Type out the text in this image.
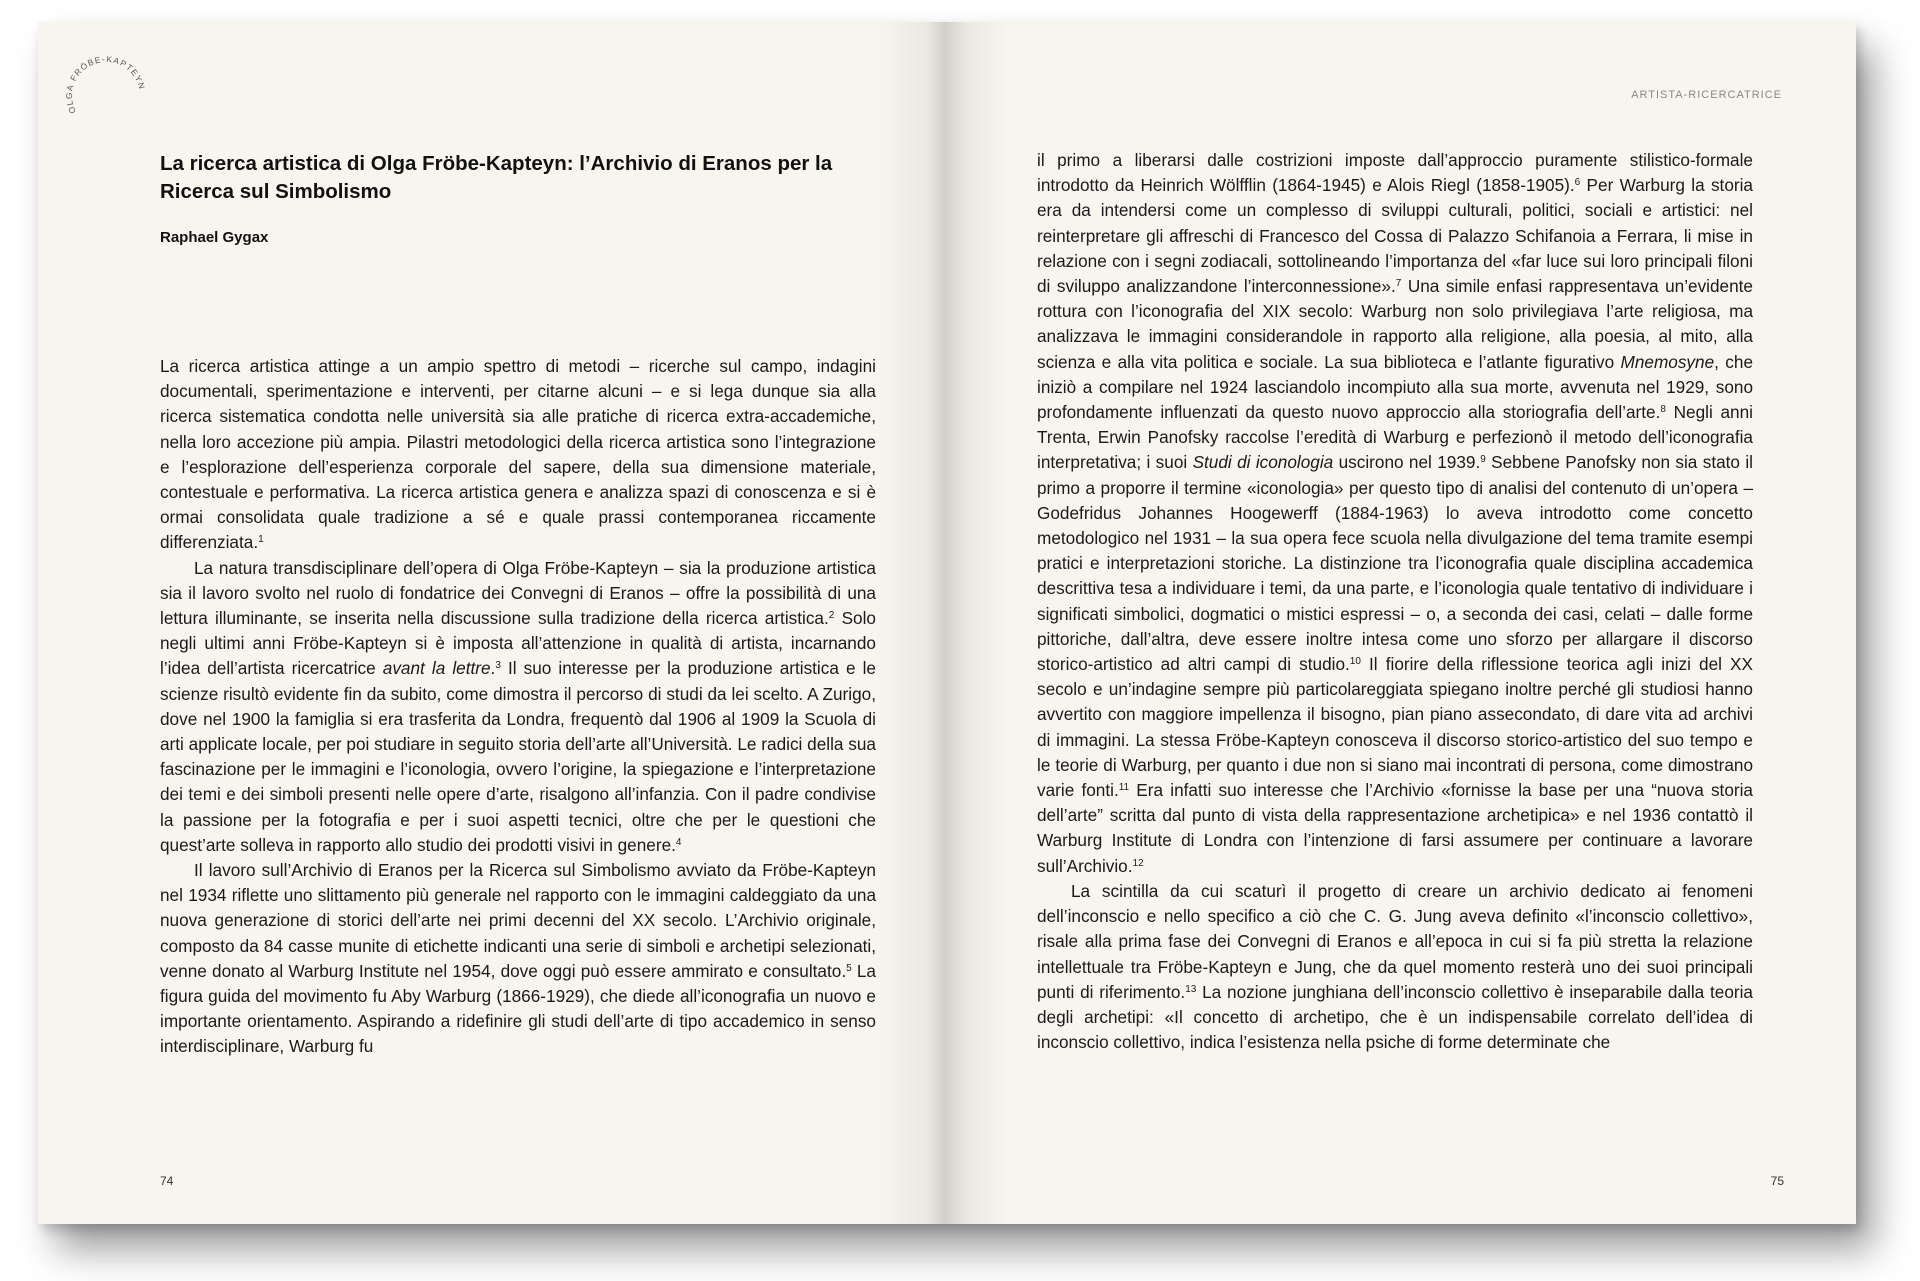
OLGA FRÖBE-KAPTEYN
La ricerca artistica di Olga Fröbe-Kapteyn: l’Archivio di Eranos per la Ricerca sul Simbolismo

Raphael Gygax

La ricerca artistica attinge a un ampio spettro di metodi – ricerche sul campo, indagini documentali, sperimentazione e interventi, per citarne alcuni – e si lega dunque sia alla ricerca sistematica condotta nelle università sia alle pratiche di ricerca extra-accademiche, nella loro accezione più ampia. Pilastri metodologici della ricerca artistica sono l’integrazione e l’esplorazione dell’esperienza corporale del sapere, della sua dimensione materiale, contestuale e performativa. La ricerca artistica genera e analizza spazi di conoscenza e si è ormai consolidata quale tradizione a sé e quale prassi contemporanea riccamente differenziata.$^1$

La natura transdisciplinare dell’opera di Olga Fröbe-Kapteyn – sia la produzione artistica sia il lavoro svolto nel ruolo di fondatrice dei Convegni di Eranos – offre la possibilità di una lettura illuminante, se inserita nella discussione sulla tradizione della ricerca artistica.$^2$ Solo negli ultimi anni Fröbe-Kapteyn si è imposta all’attenzione in qualità di artista, incarnando l’idea dell’artista ricercatrice avant la lettre.$^3$ Il suo interesse per la produzione artistica e le scienze risultò evidente fin da subito, come dimostra il percorso di studi da lei scelto. A Zurigo, dove nel 1900 la famiglia si era trasferita da Londra, frequentò dal 1906 al 1909 la Scuola di arti applicate locale, per poi studiare in seguito storia dell’arte all’Università. Le radici della sua fascinazione per le immagini e l’iconologia, ovvero l’origine, la spiegazione e l’interpretazione dei temi e dei simboli presenti nelle opere d’arte, risalgono all’infanzia. Con il padre condivise la passione per la fotografia e per i suoi aspetti tecnici, oltre che per le questioni che quest’arte solleva in rapporto allo studio dei prodotti visivi in genere.$^4$

Il lavoro sull’Archivio di Eranos per la Ricerca sul Simbolismo avviato da Fröbe-Kapteyn nel 1934 riflette uno slittamento più generale nel rapporto con le immagini caldeggiato da una nuova generazione di storici dell’arte nei primi decenni del XX secolo. L’Archivio originale, composto da 84 casse munite di etichette indicanti una serie di simboli e archetipi selezionati, venne donato al Warburg Institute nel 1954, dove oggi può essere ammirato e consultato.$^5$ La figura guida del movimento fu Aby Warburg (1866-1929), che diede all’iconografia un nuovo e importante orientamento. Aspirando a ridefinire gli studi dell’arte di tipo accademico in senso interdisciplinare, Warburg fu

74
ARTISTA-RICERCATRICE

il primo a liberarsi dalle costrizioni imposte dall’approccio puramente stilistico-formale introdotto da Heinrich Wölfflin (1864-1945) e Alois Riegl (1858-1905).$^6$ Per Warburg la storia era da intendersi come un complesso di sviluppi culturali, politici, sociali e artistici: nel reinterpretare gli affreschi di Francesco del Cossa di Palazzo Schifanoia a Ferrara, li mise in relazione con i segni zodiacali, sottolineando l’importanza del «far luce sui loro principali filoni di sviluppo analizzandone l’interconnessione».$^7$ Una simile enfasi rappresentava un’evidente rottura con l’iconografia del XIX secolo: Warburg non solo privilegiava l’arte religiosa, ma analizzava le immagini considerandole in rapporto alla religione, alla poesia, al mito, alla scienza e alla vita politica e sociale. La sua biblioteca e l’atlante figurativo Mnemosyne, che iniziò a compilare nel 1924 lasciandolo incompiuto alla sua morte, avvenuta nel 1929, sono profondamente influenzati da questo nuovo approccio alla storiografia dell’arte.$^8$ Negli anni Trenta, Erwin Panofsky raccolse l’eredità di Warburg e perfezionò il metodo dell’iconografia interpretativa; i suoi Studi di iconologia uscirono nel 1939.$^9$ Sebbene Panofsky non sia stato il primo a proporre il termine «iconologia» per questo tipo di analisi del contenuto di un’opera – Godefridus Johannes Hoogewerff (1884-1963) lo aveva introdotto come concetto metodologico nel 1931 – la sua opera fece scuola nella divulgazione del tema tramite esempi pratici e interpretazioni storiche. La distinzione tra l’iconografia quale disciplina accademica descrittiva tesa a individuare i temi, da una parte, e l’iconologia quale tentativo di individuare i significati simbolici, dogmatici o mistici espressi – o, a seconda dei casi, celati – dalle forme pittoriche, dall’altra, deve essere inoltre intesa come uno sforzo per allargare il discorso storico-artistico ad altri campi di studio.$^{10}$ Il fiorire della riflessione teorica agli inizi del XX secolo e un’indagine sempre più particolareggiata spiegano inoltre perché gli studiosi hanno avvertito con maggiore impellenza il bisogno, pian piano assecondato, di dare vita ad archivi di immagini. La stessa Fröbe-Kapteyn conosceva il discorso storico-artistico del suo tempo e le teorie di Warburg, per quanto i due non si siano mai incontrati di persona, come dimostrano varie fonti.$^{11}$ Era infatti suo interesse che l’Archivio «fornisse la base per una “nuova storia dell’arte” scritta dal punto di vista della rappresentazione archetipica» e nel 1936 contattò il Warburg Institute di Londra con l’intenzione di farsi assumere per continuare a lavorare sull’Archivio.$^{12}$

La scintilla da cui scaturì il progetto di creare un archivio dedicato ai fenomeni dell’inconscio e nello specifico a ciò che C. G. Jung aveva definito «l’inconscio collettivo», risale alla prima fase dei Convegni di Eranos e all’epoca in cui si fa più stretta la relazione intellettuale tra Fröbe-Kapteyn e Jung, che da quel momento resterà uno dei suoi principali punti di riferimento.$^{13}$ La nozione junghiana dell’inconscio collettivo è inseparabile dalla teoria degli archetipi: «Il concetto di archetipo, che è un indispensabile correlato dell’idea di inconscio collettivo, indica l’esistenza nella psiche di forme determinate che

75
